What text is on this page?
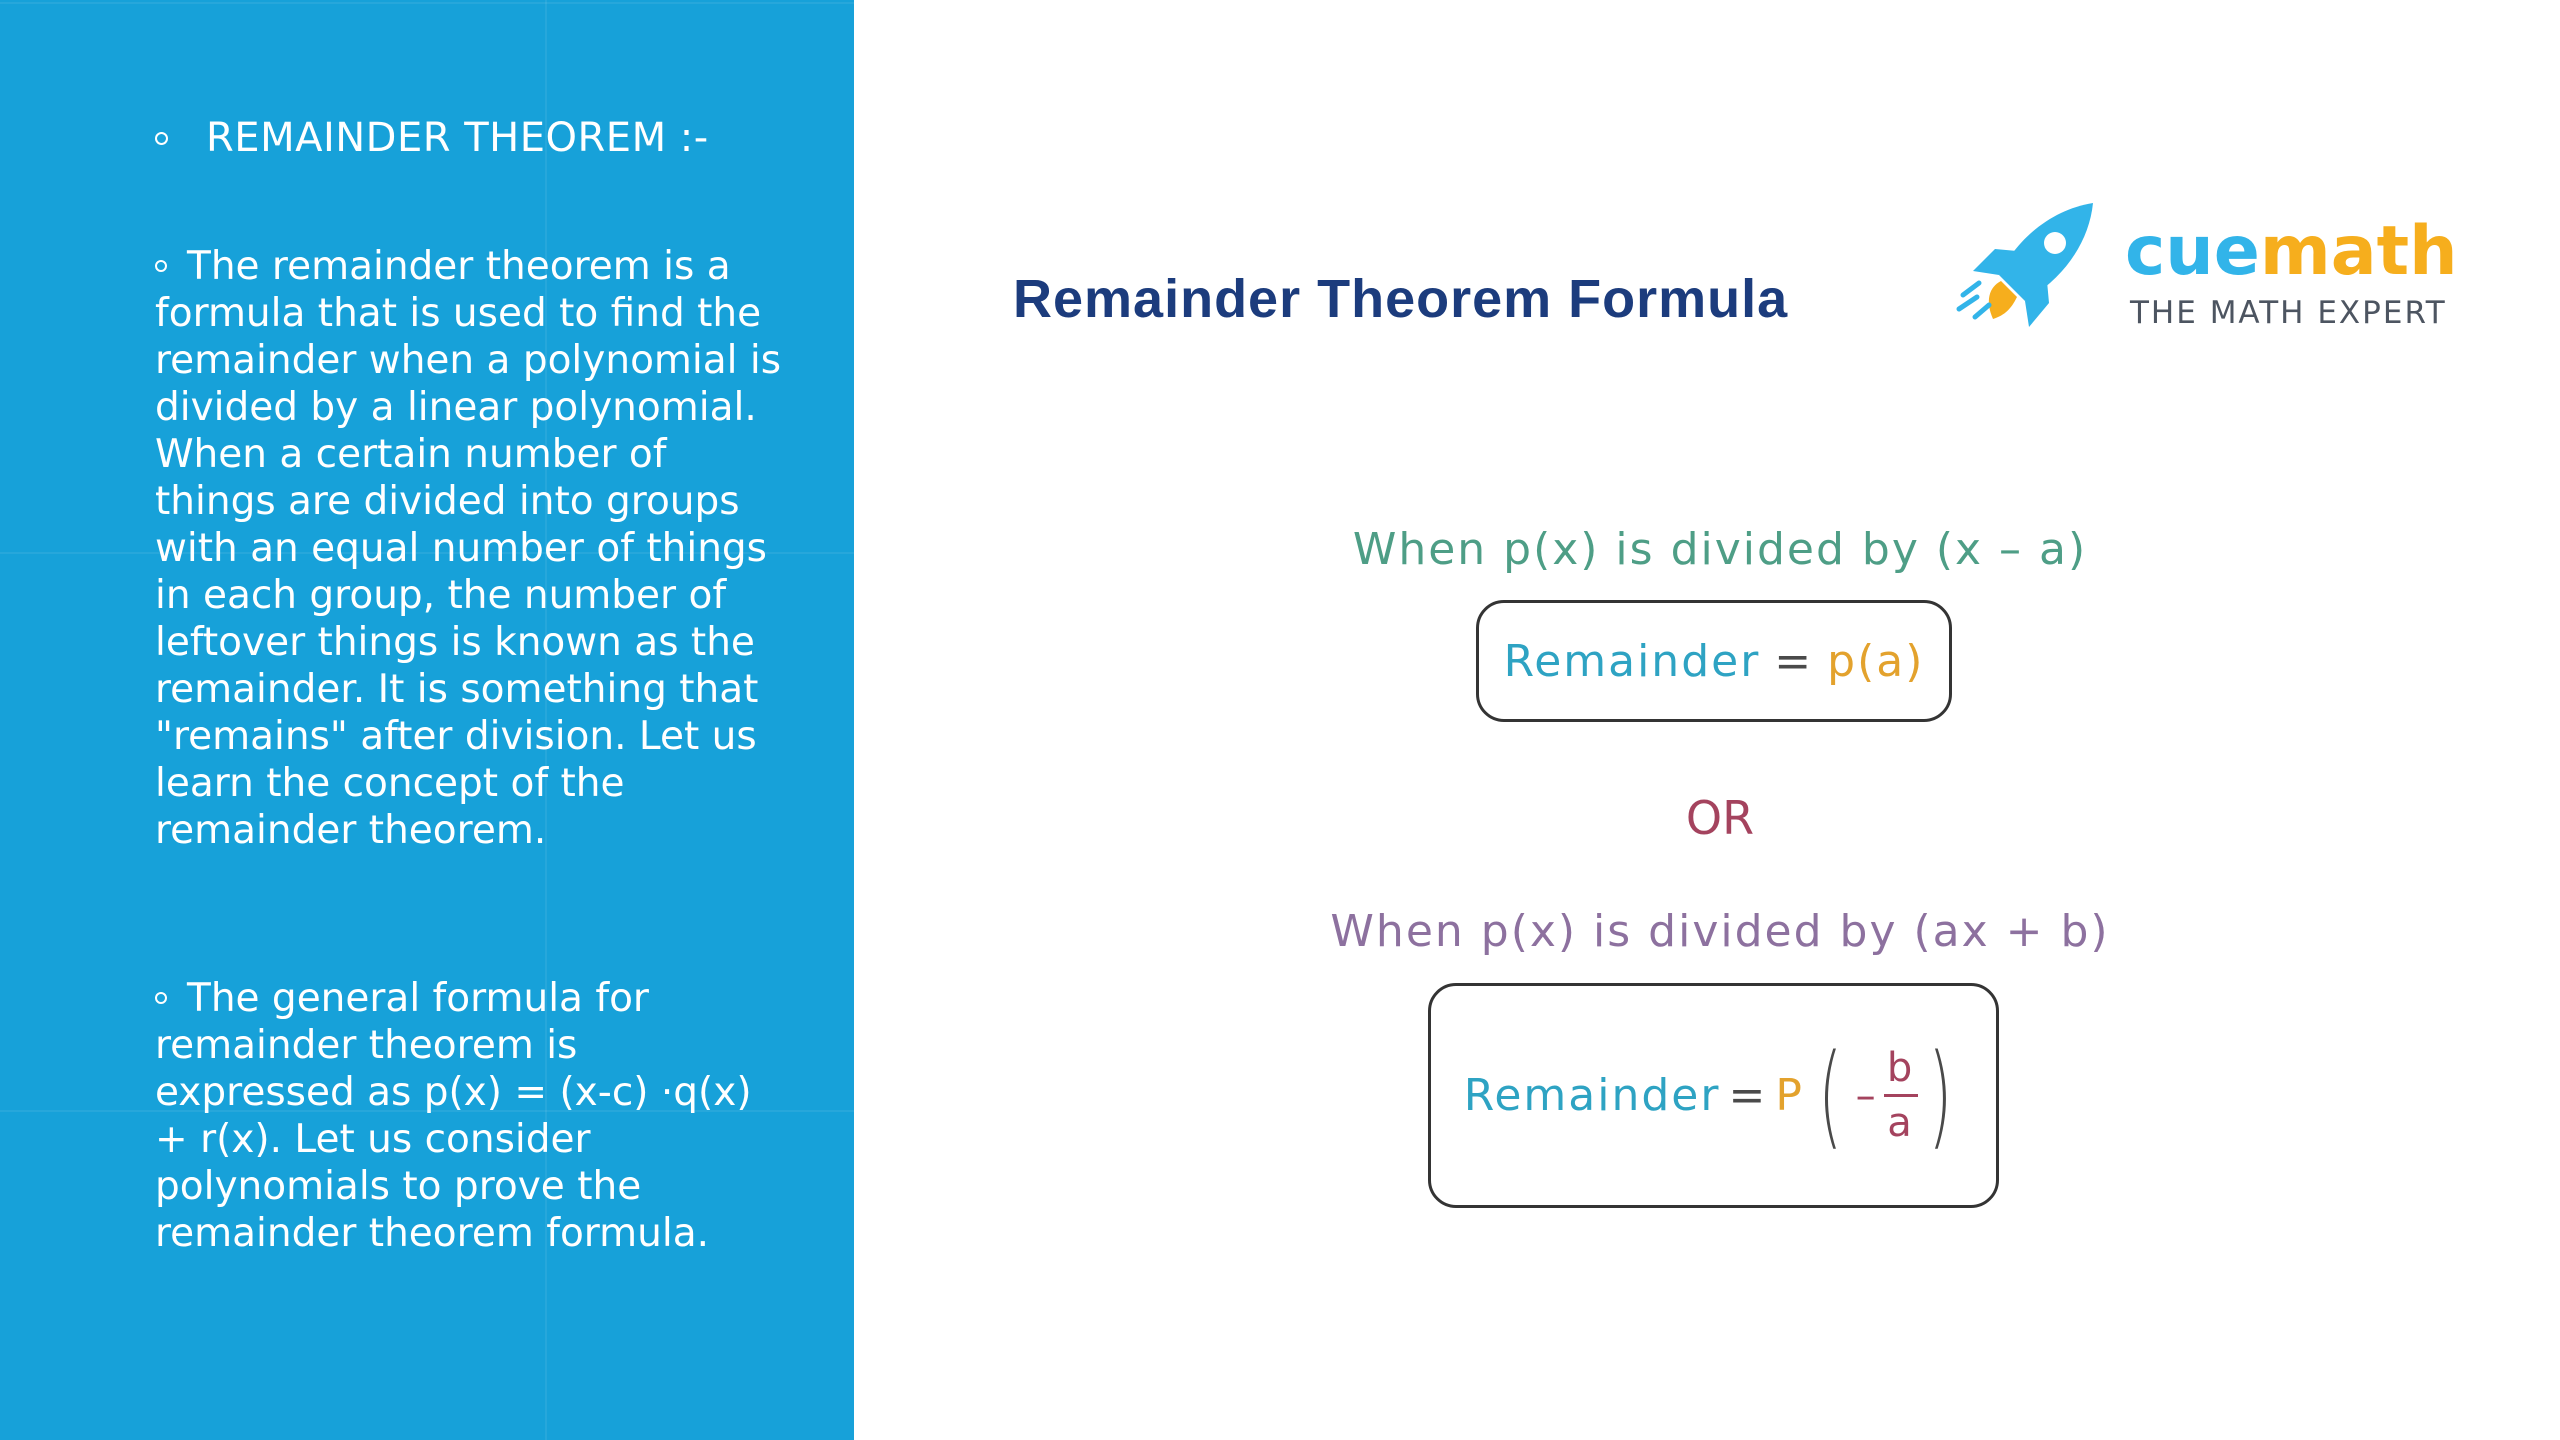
REMAINDER THEOREM :-
The remainder theorem is a formula that is used to find the remainder when a polynomial is divided by a linear polynomial. When a certain number of things are divided into groups with an equal number of things in each group, the number of leftover things is known as the remainder. It is something that "remains" after division. Let us learn the concept of the remainder theorem.
The general formula for remainder theorem is expressed as p(x) = (x-c) ·q(x) + r(x). Let us consider polynomials to prove the remainder theorem formula.
Remainder Theorem Formula
cuemath
THE MATH EXPERT
When p(x) is divided by (x – a)
Remainder = p(a)
OR
When p(x) is divided by (ax + b)
Remainder = P ( – $\frac{b}{a}$ )
